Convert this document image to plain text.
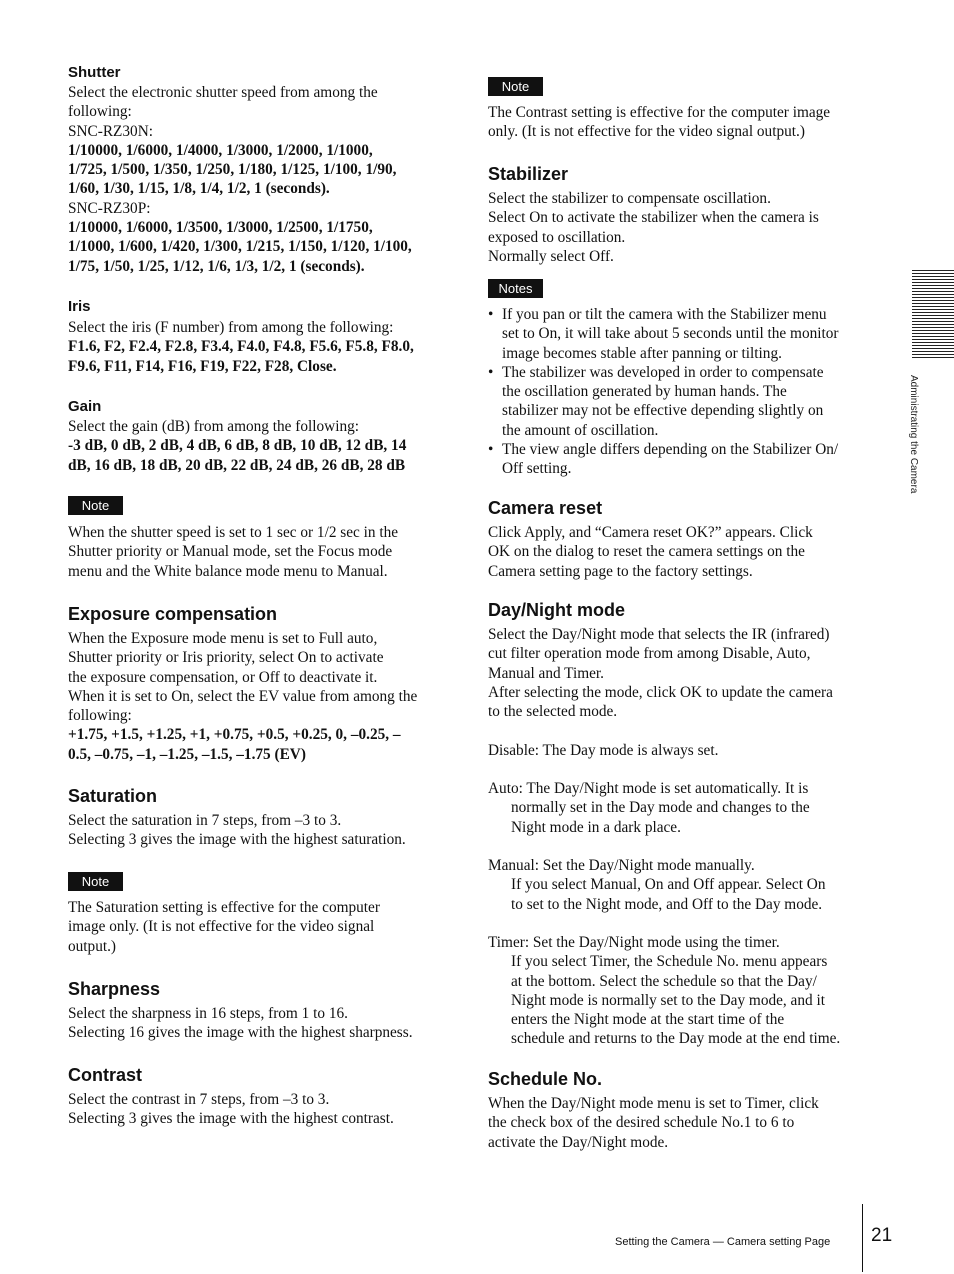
Shutter
Select the electronic shutter speed from among the
following:
SNC-RZ30N:
1/10000, 1/6000, 1/4000, 1/3000, 1/2000, 1/1000,
1/725, 1/500, 1/350, 1/250, 1/180, 1/125, 1/100, 1/90,
1/60, 1/30, 1/15, 1/8, 1/4, 1/2, 1 (seconds).
SNC-RZ30P:
1/10000, 1/6000, 1/3500, 1/3000, 1/2500, 1/1750,
1/1000, 1/600, 1/420, 1/300, 1/215, 1/150, 1/120, 1/100,
1/75, 1/50, 1/25, 1/12, 1/6, 1/3, 1/2, 1 (seconds).
Iris
Select the iris (F number) from among the following:
F1.6, F2, F2.4, F2.8, F3.4, F4.0, F4.8, F5.6, F5.8, F8.0,
F9.6, F11, F14, F16, F19, F22, F28, Close.
Gain
Select the gain (dB) from among the following:
-3 dB, 0 dB, 2 dB, 4 dB, 6 dB, 8 dB, 10 dB, 12 dB, 14
dB, 16 dB, 18 dB, 20 dB, 22 dB, 24 dB, 26 dB, 28 dB
Note
When the shutter speed is set to 1 sec or 1/2 sec in the
Shutter priority or Manual mode, set the Focus mode
menu and the White balance mode menu to Manual.
Exposure compensation
When the Exposure mode menu is set to Full auto,
Shutter priority or Iris priority, select On to activate
the exposure compensation, or Off to deactivate it.
When it is set to On, select the EV value from among the
following:
+1.75, +1.5, +1.25, +1, +0.75, +0.5, +0.25, 0, –0.25, –
0.5, –0.75, –1, –1.25, –1.5, –1.75 (EV)
Saturation
Select the saturation in 7 steps, from –3 to 3.
Selecting 3 gives the image with the highest saturation.
Note
The Saturation setting is effective for the computer
image only. (It is not effective for the video signal
output.)
Sharpness
Select the sharpness in 16 steps, from 1 to 16.
Selecting 16 gives the image with the highest sharpness.
Contrast
Select the contrast in 7 steps, from –3 to 3.
Selecting 3 gives the image with the highest contrast.
Note
The Contrast setting is effective for the computer image
only. (It is not effective for the video signal output.)
Stabilizer
Select the stabilizer to compensate oscillation.
Select On to activate the stabilizer when the camera is
exposed to oscillation.
Normally select Off.
Notes
• If you pan or tilt the camera with the Stabilizer menu
set to On, it will take about 5 seconds until the monitor
image becomes stable after panning or tilting.
• The stabilizer was developed in order to compensate
the oscillation generated by human hands. The
stabilizer may not be effective depending slightly on
the amount of oscillation.
• The view angle differs depending on the Stabilizer On/
Off setting.
Camera reset
Click Apply, and “Camera reset OK?” appears. Click
OK on the dialog to reset the camera settings on the
Camera setting page to the factory settings.
Day/Night mode
Select the Day/Night mode that selects the IR (infrared)
cut filter operation mode from among Disable, Auto,
Manual and Timer.
After selecting the mode, click OK to update the camera
to the selected mode.
Disable: The Day mode is always set.
Auto: The Day/Night mode is set automatically. It is
normally set in the Day mode and changes to the
Night mode in a dark place.
Manual: Set the Day/Night mode manually.
If you select Manual, On and Off appear. Select On
to set to the Night mode, and Off to the Day mode.
Timer: Set the Day/Night mode using the timer.
If you select Timer, the Schedule No. menu appears
at the bottom. Select the schedule so that the Day/
Night mode is normally set to the Day mode, and it
enters the Night mode at the start time of the
schedule and returns to the Day mode at the end time.
Schedule No.
When the Day/Night mode menu is set to Timer, click
the check box of the desired schedule No.1 to 6 to
activate the Day/Night mode.
Administrating the Camera
Setting the Camera — Camera setting Page 21
